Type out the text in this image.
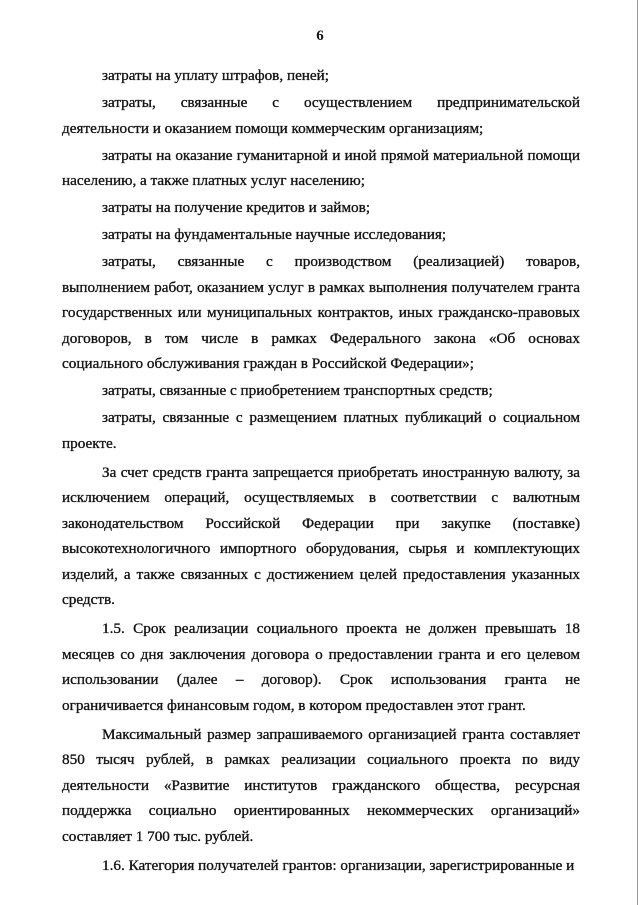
6

затраты на уплату штрафов, пеней;

затраты, связанные с осуществлением предпринимательской деятельности и оказанием помощи коммерческим организациям;

затраты на оказание гуманитарной и иной прямой материальной помощи населению, а также платных услуг населению;

затраты на получение кредитов и займов;

затраты на фундаментальные научные исследования;

затраты, связанные с производством (реализацией) товаров, выполнением работ, оказанием услуг в рамках выполнения получателем гранта государственных или муниципальных контрактов, иных гражданско-правовых договоров, в том числе в рамках Федерального закона «Об основах социального обслуживания граждан в Российской Федерации»;

затраты, связанные с приобретением транспортных средств;

затраты, связанные с размещением платных публикаций о социальном проекте.

За счет средств гранта запрещается приобретать иностранную валюту, за исключением операций, осуществляемых в соответствии с валютным законодательством Российской Федерации при закупке (поставке) высокотехнологичного импортного оборудования, сырья и комплектующих изделий, а также связанных с достижением целей предоставления указанных средств.

1.5. Срок реализации социального проекта не должен превышать 18 месяцев со дня заключения договора о предоставлении гранта и его целевом использовании (далее – договор). Срок использования гранта не ограничивается финансовым годом, в котором предоставлен этот грант.

Максимальный размер запрашиваемого организацией гранта составляет 850 тысяч рублей, в рамках реализации социального проекта по виду деятельности «Развитие институтов гражданского общества, ресурсная поддержка социально ориентированных некоммерческих организаций» составляет 1 700 тыс. рублей.

1.6. Категория получателей грантов: организации, зарегистрированные и
